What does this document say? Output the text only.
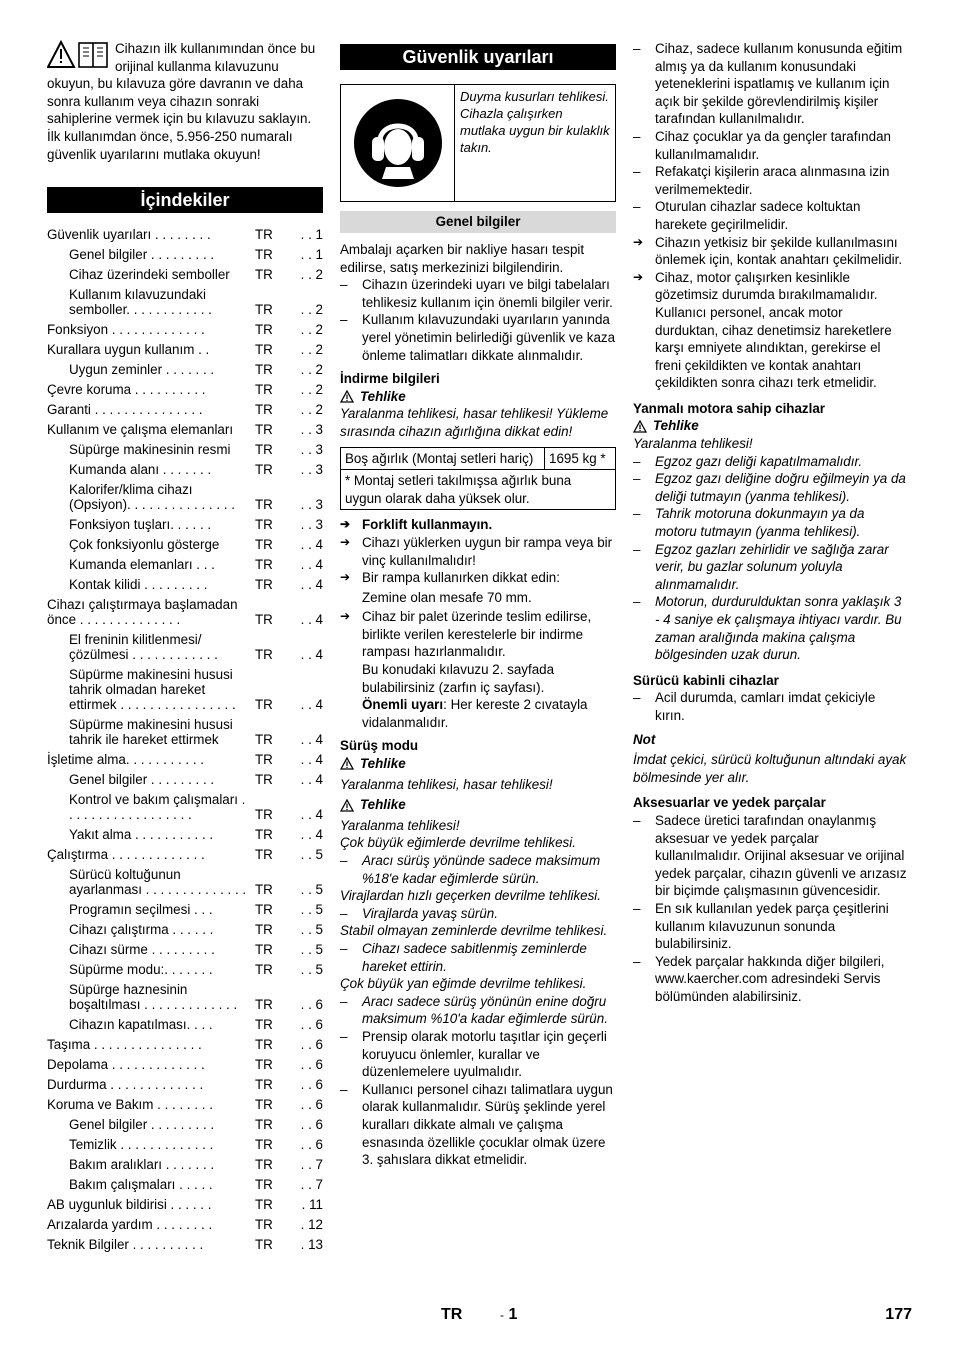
Cihazın ilk kullanımından önce bu orijinal kullanma kılavuzunu okuyun, bu kılavuza göre davranın ve daha sonra kullanım veya cihazın sonraki sahiplerine vermek için bu kılavuzu saklayın.

İlk kullanımdan önce, 5.956-250 numaralı güvenlik uyarılarını mutlaka okuyun!

İçindekiler
Güvenlik uyarıları . . . . . . . .	TR	. . 1
Genel bilgiler . . . . . . . . .	TR	. . 1
Cihaz üzerindeki semboller	TR	. . 2
Kullanım kılavuzundaki semboller. . . . . . . . . . . .	TR	. . 2
Fonksiyon . . . . . . . . . . . . .	TR	. . 2
Kurallara uygun kullanım . .	TR	. . 2
Uygun zeminler . . . . . . .	TR	. . 2
Çevre koruma . . . . . . . . . .	TR	. . 2
Garanti . . . . . . . . . . . . . . .	TR	. . 2
Kullanım ve çalışma elemanları	TR	. . 3
Süpürge makinesinin resmi	TR	. . 3
Kumanda alanı . . . . . . .	TR	. . 3
Kalorifer/klima cihazı (Opsiyon). . . . . . . . . . . . . . .	TR	. . 3
Fonksiyon tuşları. . . . . .	TR	. . 3
Çok fonksiyonlu gösterge	TR	. . 4
Kumanda elemanları . . .	TR	. . 4
Kontak kilidi . . . . . . . . .	TR	. . 4
Cihazı çalıştırmaya başlamadan önce . . . . . . . . . . . . . .	TR	. . 4
El freninin kilitlenmesi/çözülmesi . . . . . . . . . . . .	TR	. . 4
Süpürme makinesini hususi tahrik olmadan hareket ettirmek . . . . . . . . . . . . . . . .	TR	. . 4
Süpürme makinesini hususi tahrik ile hareket ettirmek	TR	. . 4
İşletime alma. . . . . . . . . . .	TR	. . 4
Genel bilgiler . . . . . . . . .	TR	. . 4
Kontrol ve bakım çalışmaları . . . . . . . . . . . . . . . . . .	TR	. . 4
Yakıt alma . . . . . . . . . . .	TR	. . 4
Çalıştırma . . . . . . . . . . . . .	TR	. . 5
Sürücü koltuğunun ayarlanması . . . . . . . . . . . . . . TR	. . 5
Programın seçilmesi . . .	TR	. . 5
Cihazı çalıştırma . . . . . .	TR	. . 5
Cihazı sürme . . . . . . . . .	TR	. . 5
Süpürme modu:. . . . . . .	TR	. . 5
Süpürge haznesinin boşaltılması . . . . . . . . . . . . .	TR	. . 6
Cihazın kapatılması. . . .	TR	. . 6
Taşıma . . . . . . . . . . . . . . .	TR	. . 6
Depolama . . . . . . . . . . . . .	TR	. . 6
Durdurma . . . . . . . . . . . . .	TR	. . 6
Koruma ve Bakım . . . . . . . .	TR	. . 6
Genel bilgiler . . . . . . . . .	TR	. . 6
Temizlik . . . . . . . . . . . . .	TR	. . 6
Bakım aralıkları . . . . . . .	TR	. . 7
Bakım çalışmaları . . . . .	TR	. . 7
AB uygunluk bildirisi . . . . . .	TR	. 11
Arızalarda yardım . . . . . . . .	TR	. 12
Teknik Bilgiler . . . . . . . . . .	TR	. 13
Güvenlik uyarıları
Duyma kusurları tehlikesi. Cihazla çalışırken mutlaka uygun bir kulaklık takın.
Genel bilgiler

Ambalajı açarken bir nakliye hasarı tespit edilirse, satış merkezinizi bilgilendirin.

– Cihazın üzerindeki uyarı ve bilgi tabelaları tehlikesiz kullanım için önemli bilgiler verir.
– Kullanım kılavuzundaki uyarıların yanında yerel yönetimin belirlediği güvenlik ve kaza önleme talimatları dikkate alınmalıdır.

İndirme bilgileri

Tehlike

Yaralanma tehlikesi, hasar tehlikesi! Yükleme sırasında cihazın ağırlığına dikkat edin!

Boş ağırlık (Montaj setleri hariç)	1695 kg *
* Montaj setleri takılmışsa ağırlık buna uygun olarak daha yüksek olur.

➔ Forklift kullanmayın.

➔ Cihazı yüklerken uygun bir rampa veya bir vinç kullanılmalıdır!

➔ Bir rampa kullanırken dikkat edin:

Zemine olan mesafe 70 mm.

➔ Cihaz bir palet üzerinde teslim edilirse, birlikte verilen kerestelerle bir indirme rampası hazırlanmalıdır.

Bu konudaki kılavuzu 2. sayfada bulabilirsiniz (zarfın iç sayfası).

Önemli uyarı: Her kereste 2 cıvatayla vidalanmalıdır.

Sürüş modu

Tehlike

Yaralanma tehlikesi, hasar tehlikesi!

Tehlike

Yaralanma tehlikesi!

Çok büyük eğimlerde devrilme tehlikesi.

– Aracı sürüş yönünde sadece maksimum %18'e kadar eğimlerde sürün.

Virajlardan hızlı geçerken devrilme tehlikesi.

– Virajlarda yavaş sürün.

Stabil olmayan zeminlerde devrilme tehlikesi.

– Cihazı sadece sabitlenmiş zeminlerde hareket ettirin.

Çok büyük yan eğimde devrilme tehlikesi.

– Aracı sadece sürüş yönünün enine doğru maksimum %10'a kadar eğimlerde sürün.
– Prensip olarak motorlu taşıtlar için geçerli koruyucu önlemler, kurallar ve düzenlemelere uyulmalıdır.
– Kullanıcı personel cihazı talimatlara uygun olarak kullanmalıdır. Sürüş şeklinde yerel kuralları dikkate almalı ve çalışma esnasında özellikle çocuklar olmak üzere 3. şahıslara dikkat etmelidir.
– Cihaz, sadece kullanım konusunda eğitim almış ya da kullanım konusundaki yeteneklerini ispatlamış ve kullanım için açık bir şekilde görevlendirilmiş kişiler tarafından kullanılmalıdır.
– Cihaz çocuklar ya da gençler tarafından kullanılmamalıdır.
– Refakatçi kişilerin araca alınmasına izin verilmemektedir.
– Oturulan cihazlar sadece koltuktan harekete geçirilmelidir.

➔ Cihazın yetkisiz bir şekilde kullanılmasını önlemek için, kontak anahtarı çekilmelidir.

➔ Cihaz, motor çalışırken kesinlikle gözetimsiz durumda bırakılmamalıdır. Kullanıcı personel, ancak motor durduktan, cihaz denetimsiz hareketlere karşı emniyete alındıktan, gerekirse el freni çekildikten ve kontak anahtarı çekildikten sonra cihazı terk etmelidir.

Yanmalı motora sahip cihazlar

Tehlike

Yaralanma tehlikesi!

– Egzoz gazı deliği kapatılmamalıdır.
– Egzoz gazı deliğine doğru eğilmeyin ya da deliği tutmayın (yanma tehlikesi).
– Tahrik motoruna dokunmayın ya da motoru tutmayın (yanma tehlikesi).
– Egzoz gazları zehirlidir ve sağlığa zarar verir, bu gazlar solunum yoluyla alınmamalıdır.
– Motorun, durdurulduktan sonra yaklaşık 3 - 4 saniye ek çalışmaya ihtiyacı vardır. Bu zaman aralığında makina çalışma bölgesinden uzak durun.

Sürücü kabinli cihazlar

– Acil durumda, camları imdat çekiciyle kırın.

Not

İmdat çekici, sürücü koltuğunun altındaki ayak bölmesinde yer alır.

Aksesuarlar ve yedek parçalar

– Sadece üretici tarafından onaylanmış aksesuar ve yedek parçalar kullanılmalıdır. Orijinal aksesuar ve orijinal yedek parçalar, cihazın güvenli ve arızasız bir biçimde çalışmasının güvencesidir.
– En sık kullanılan yedek parça çeşitlerini kullanım kılavuzunun sonunda bulabilirsiniz.
– Yedek parçalar hakkında diğer bilgileri, www.kaercher.com adresindeki Servis bölümünden alabilirsiniz.
TR	- 1	177
